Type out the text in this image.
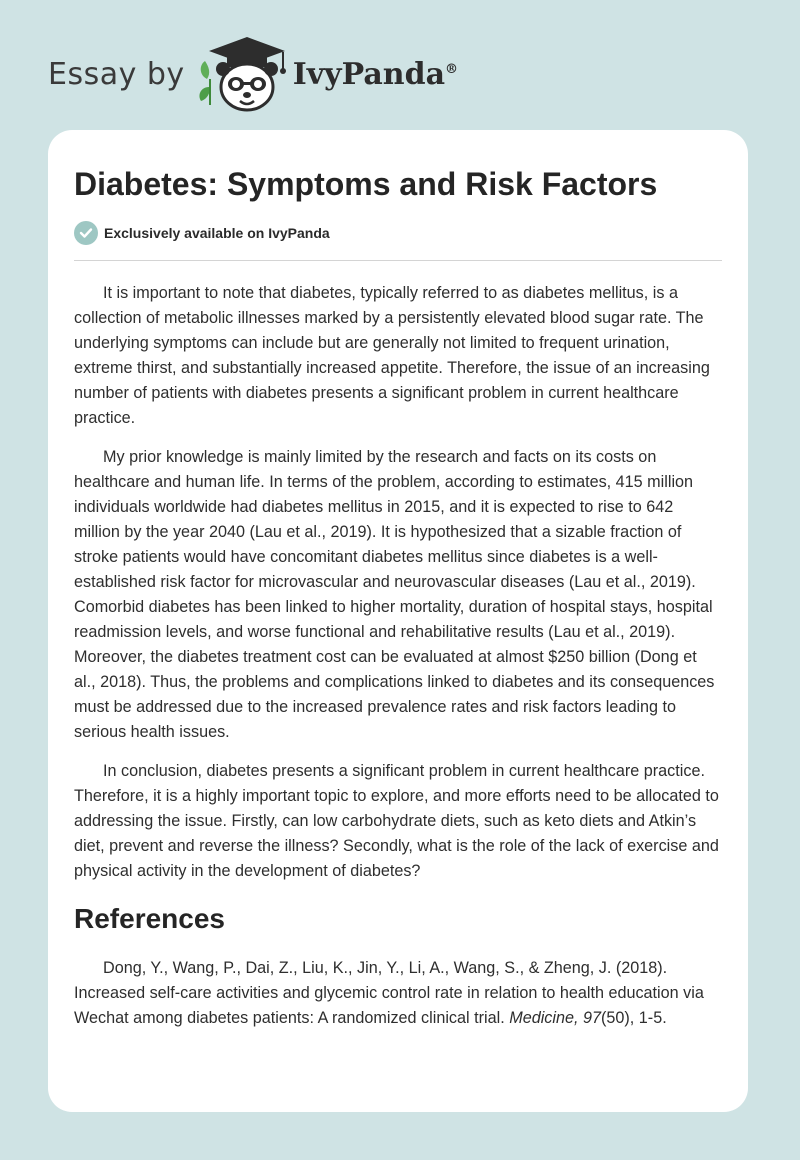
Essay by	IvyPanda®
Diabetes: Symptoms and Risk Factors
Exclusively available on IvyPanda

It is important to note that diabetes, typically referred to as diabetes mellitus, is a collection of metabolic illnesses marked by a persistently elevated blood sugar rate. The underlying symptoms can include but are generally not limited to frequent urination, extreme thirst, and substantially increased appetite. Therefore, the issue of an increasing number of patients with diabetes presents a significant problem in current healthcare practice.

My prior knowledge is mainly limited by the research and facts on its costs on healthcare and human life. In terms of the problem, according to estimates, 415 million individuals worldwide had diabetes mellitus in 2015, and it is expected to rise to 642 million by the year 2040 (Lau et al., 2019). It is hypothesized that a sizable fraction of stroke patients would have concomitant diabetes mellitus since diabetes is a well-established risk factor for microvascular and neurovascular diseases (Lau et al., 2019). Comorbid diabetes has been linked to higher mortality, duration of hospital stays, hospital readmission levels, and worse functional and rehabilitative results (Lau et al., 2019). Moreover, the diabetes treatment cost can be evaluated at almost $250 billion (Dong et al., 2018). Thus, the problems and complications linked to diabetes and its consequences must be addressed due to the increased prevalence rates and risk factors leading to serious health issues.

In conclusion, diabetes presents a significant problem in current healthcare practice. Therefore, it is a highly important topic to explore, and more efforts need to be allocated to addressing the issue. Firstly, can low carbohydrate diets, such as keto diets and Atkin’s diet, prevent and reverse the illness? Secondly, what is the role of the lack of exercise and physical activity in the development of diabetes?

References

Dong, Y., Wang, P., Dai, Z., Liu, K., Jin, Y., Li, A., Wang, S., & Zheng, J. (2018). Increased self-care activities and glycemic control rate in relation to health education via Wechat among diabetes patients: A randomized clinical trial. Medicine, 97(50), 1-5.
